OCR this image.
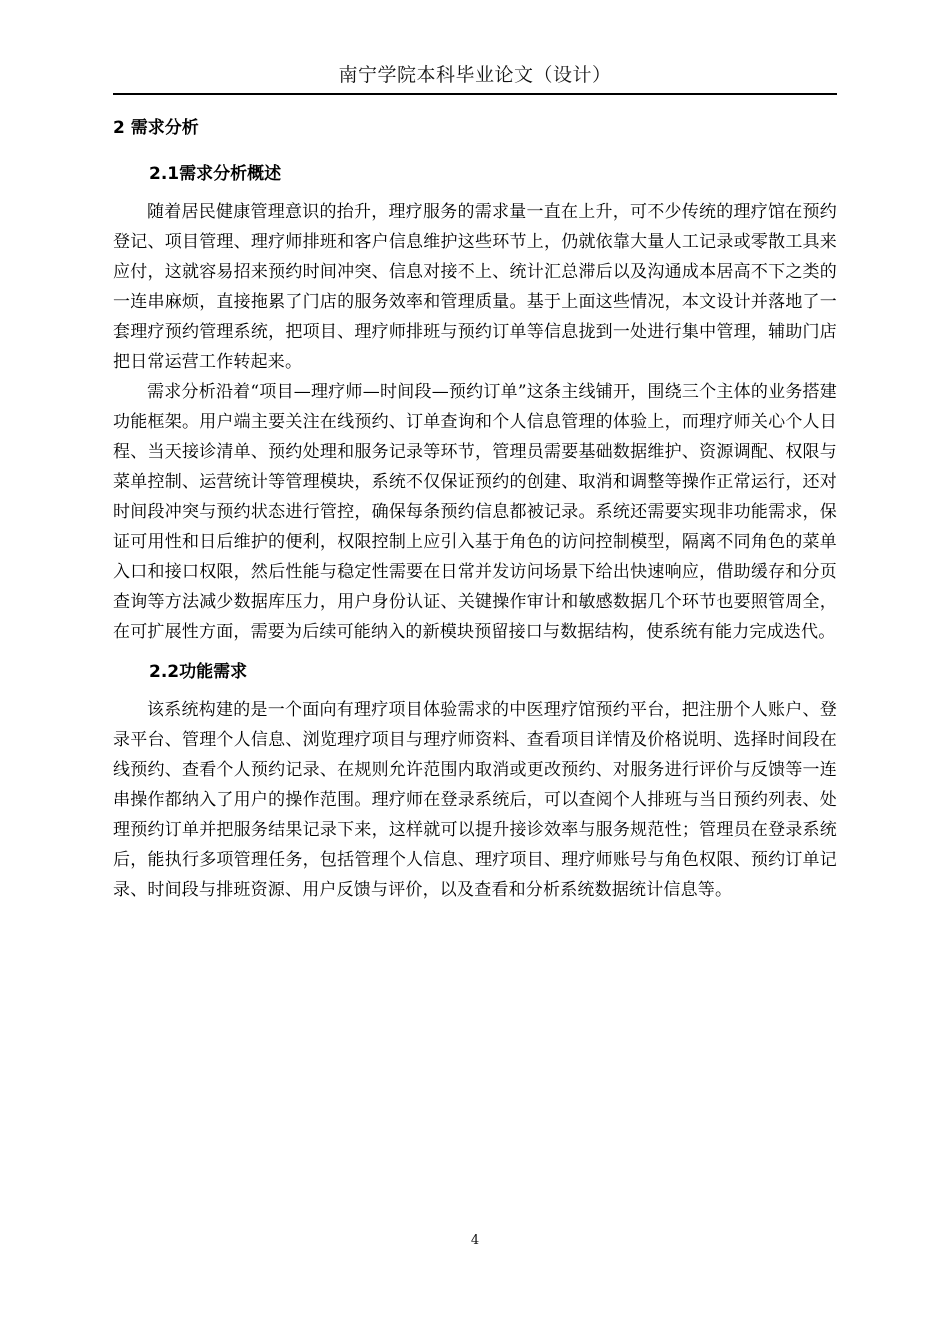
南宁学院本科毕业论文（设计）
2 需求分析
2.1需求分析概述

随着居民健康管理意识的抬升，理疗服务的需求量一直在上升，可不少传统的理疗馆在预约登记、项目管理、理疗师排班和客户信息维护这些环节上，仍就依靠大量人工记录或零散工具来应付，这就容易招来预约时间冲突、信息对接不上、统计汇总滞后以及沟通成本居高不下之类的一连串麻烦，直接拖累了门店的服务效率和管理质量。基于上面这些情况，本文设计并落地了一套理疗预约管理系统，把项目、理疗师排班与预约订单等信息拢到一处进行集中管理，辅助门店把日常运营工作转起来。

需求分析沿着“项目—理疗师—时间段—预约订单”这条主线铺开，围绕三个主体的业务搭建功能框架。用户端主要关注在线预约、订单查询和个人信息管理的体验上，而理疗师关心个人日程、当天接诊清单、预约处理和服务记录等环节，管理员需要基础数据维护、资源调配、权限与菜单控制、运营统计等管理模块，系统不仅保证预约的创建、取消和调整等操作正常运行，还对时间段冲突与预约状态进行管控，确保每条预约信息都被记录。系统还需要实现非功能需求，保证可用性和日后维护的便利，权限控制上应引入基于角色的访问控制模型，隔离不同角色的菜单入口和接口权限，然后性能与稳定性需要在日常并发访问场景下给出快速响应，借助缓存和分页查询等方法减少数据库压力，用户身份认证、关键操作审计和敏感数据几个环节也要照管周全，在可扩展性方面，需要为后续可能纳入的新模块预留接口与数据结构，使系统有能力完成迭代。

2.2功能需求

该系统构建的是一个面向有理疗项目体验需求的中医理疗馆预约平台，把注册个人账户、登录平台、管理个人信息、浏览理疗项目与理疗师资料、查看项目详情及价格说明、选择时间段在线预约、查看个人预约记录、在规则允许范围内取消或更改预约、对服务进行评价与反馈等一连串操作都纳入了用户的操作范围。理疗师在登录系统后，可以查阅个人排班与当日预约列表、处理预约订单并把服务结果记录下来，这样就可以提升接诊效率与服务规范性；管理员在登录系统后，能执行多项管理任务，包括管理个人信息、理疗项目、理疗师账号与角色权限、预约订单记录、时间段与排班资源、用户反馈与评价，以及查看和分析系统数据统计信息等。

4
